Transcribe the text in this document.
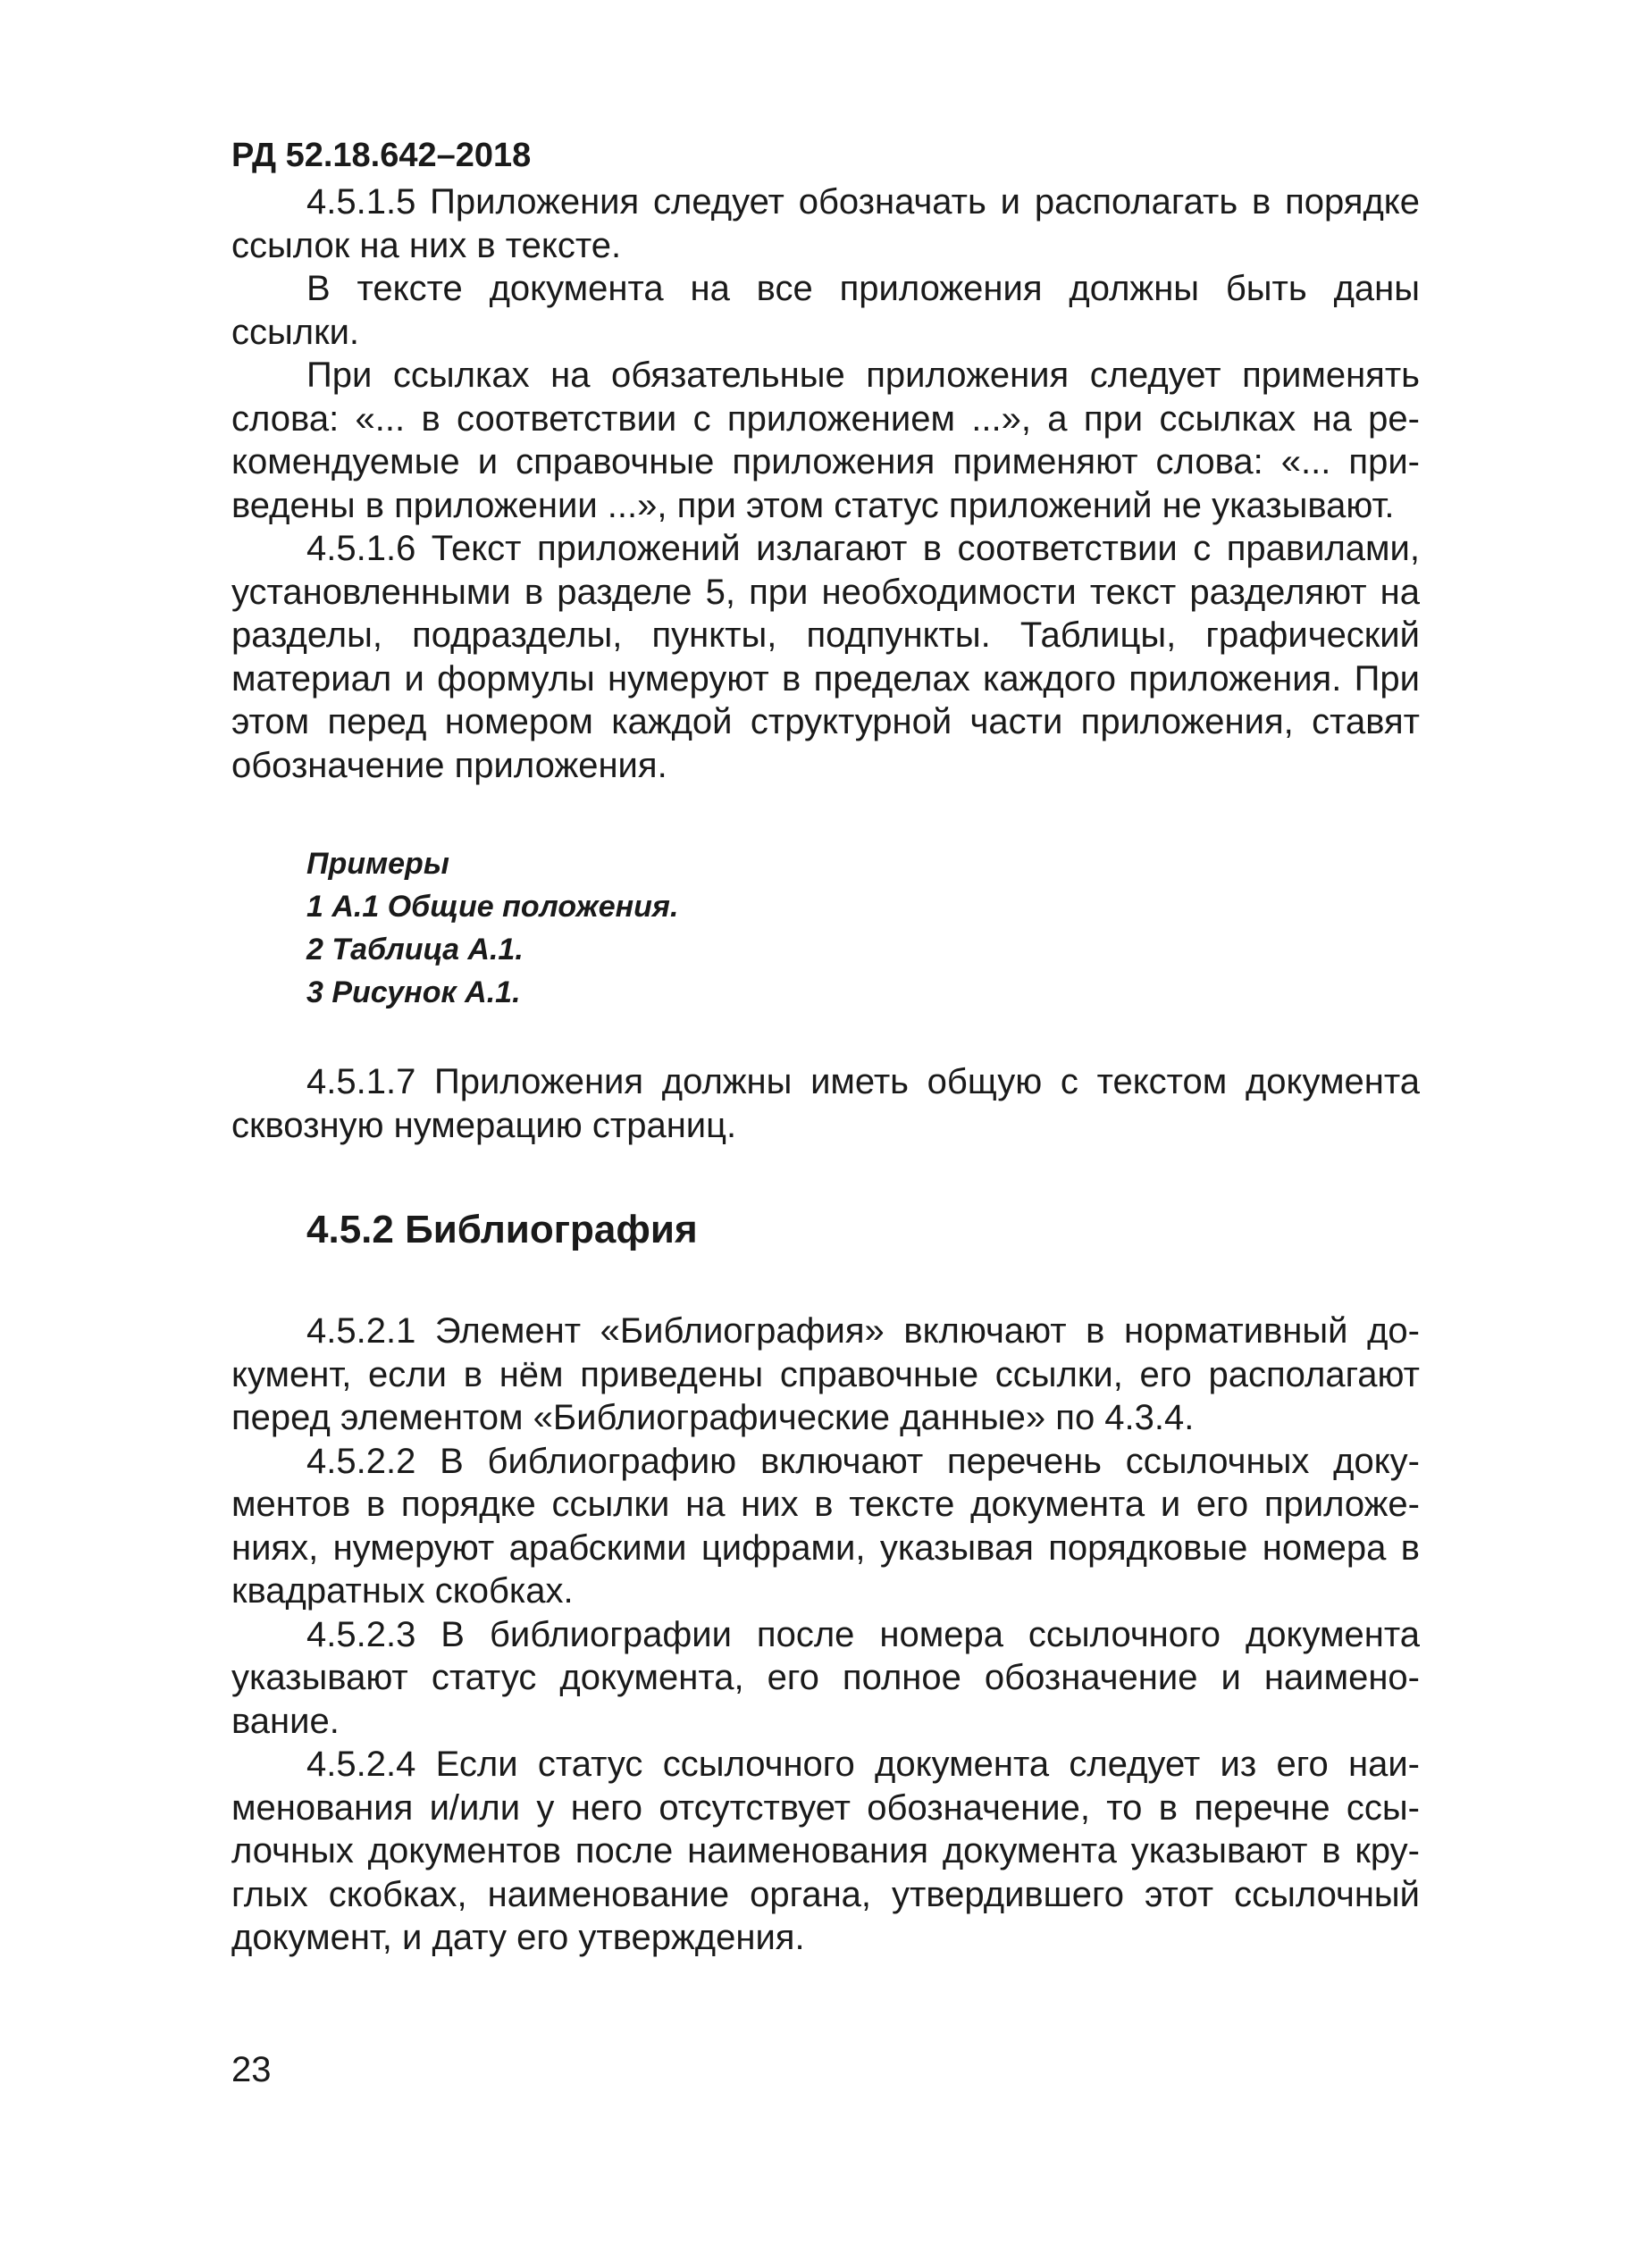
РД 52.18.642–2018

4.5.1.5 Приложения следует обозначать и располагать в порядке ссылок на них в тексте.

В тексте документа на все приложения должны быть даны ссылки.

При ссылках на обязательные приложения следует применять слова: «... в соответствии с приложением ...», а при ссылках на рекомендуемые и справочные приложения применяют слова: «... приведены в приложении ...», при этом статус приложений не указывают.

4.5.1.6 Текст приложений излагают в соответствии с правилами, установленными в разделе 5, при необходимости текст разделяют на разделы, подразделы, пункты, подпункты. Таблицы, графический материал и формулы нумеруют в пределах каждого приложения. При этом перед номером каждой структурной части приложения, ставят обозначение приложения.

Примеры
1 А.1 Общие положения.
2 Таблица А.1.
3 Рисунок А.1.

4.5.1.7 Приложения должны иметь общую с текстом документа сквозную нумерацию страниц.

4.5.2 Библиография

4.5.2.1 Элемент «Библиография» включают в нормативный документ, если в нём приведены справочные ссылки, его располагают перед элементом «Библиографические данные» по 4.3.4.

4.5.2.2 В библиографию включают перечень ссылочных документов в порядке ссылки на них в тексте документа и его приложениях, нумеруют арабскими цифрами, указывая порядковые номера в квадратных скобках.

4.5.2.3 В библиографии после номера ссылочного документа указывают статус документа, его полное обозначение и наименование.

4.5.2.4 Если статус ссылочного документа следует из его наименования и/или у него отсутствует обозначение, то в перечне ссылочных документов после наименования документа указывают в круглых скобках, наименование органа, утвердившего этот ссылочный документ, и дату его утверждения.

23
